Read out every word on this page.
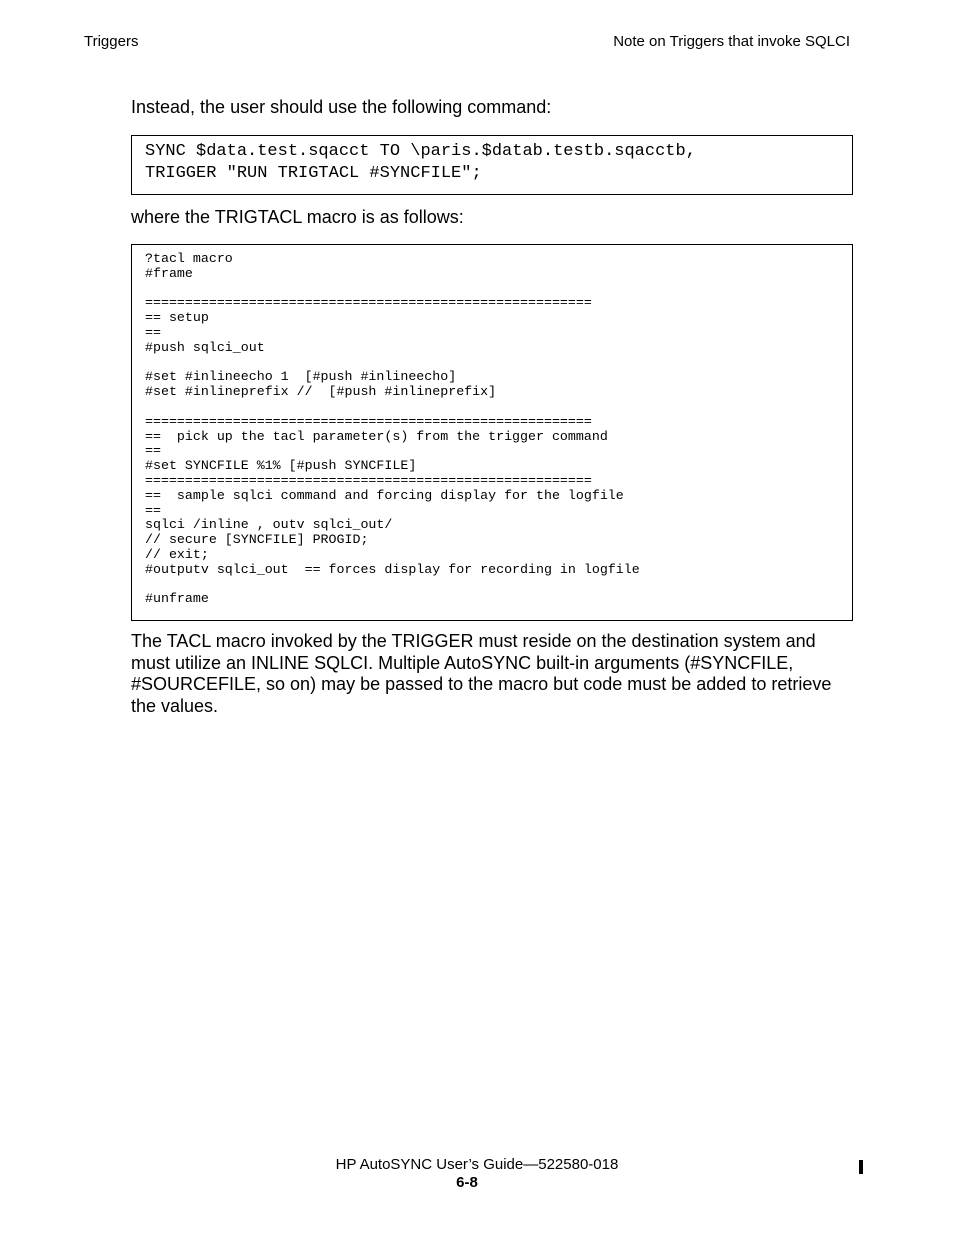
Triggers	Note on Triggers that invoke SQLCI
Instead, the user should use the following command:
SYNC $data.test.sqacct TO \paris.$datab.testb.sqacctb,
TRIGGER "RUN TRIGTACL #SYNCFILE";
where the TRIGTACL macro is as follows:
?tacl macro
#frame

========================================================
== setup
==
#push sqlci_out

#set #inlineecho 1  [#push #inlineecho]
#set #inlineprefix //  [#push #inlineprefix]

========================================================
==  pick up the tacl parameter(s) from the trigger command
==
#set SYNCFILE %1% [#push SYNCFILE]
========================================================
==  sample sqlci command and forcing display for the logfile
==
sqlci /inline , outv sqlci_out/
// secure [SYNCFILE] PROGID;
// exit;
#outputv sqlci_out  == forces display for recording in logfile

#unframe
The TACL macro invoked by the TRIGGER must reside on the destination system and must utilize an INLINE SQLCI. Multiple AutoSYNC built-in arguments (#SYNCFILE, #SOURCEFILE, so on) may be passed to the macro but code must be added to retrieve the values.
HP AutoSYNC User’s Guide—522580-018
6-8
